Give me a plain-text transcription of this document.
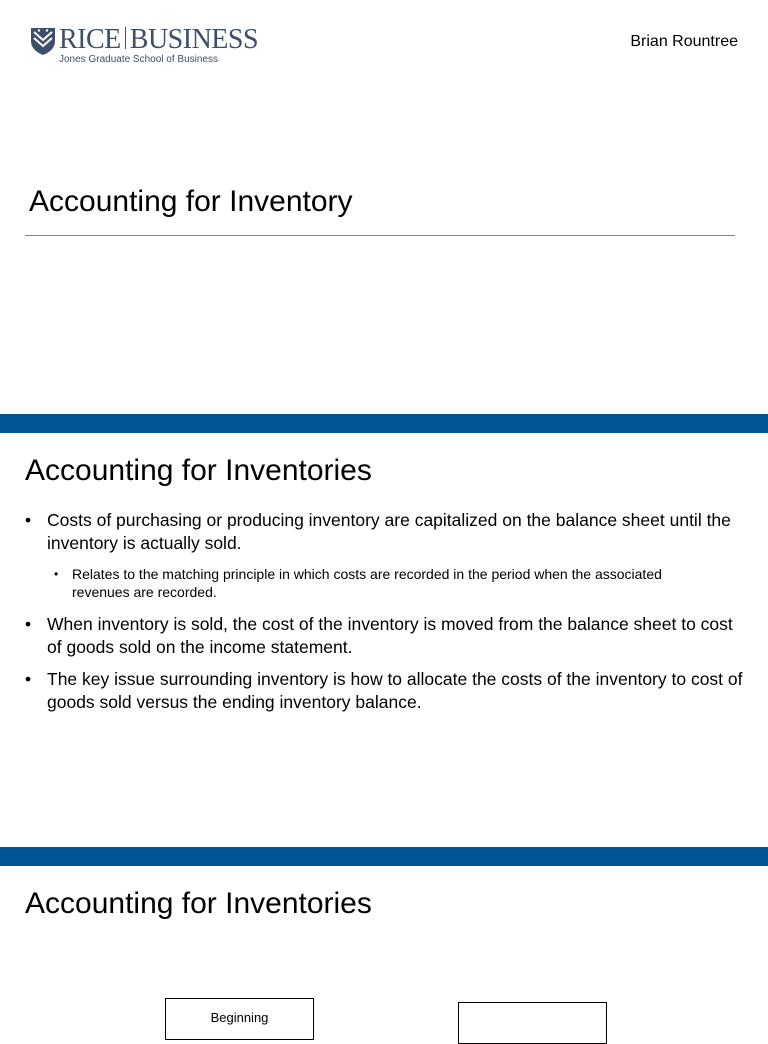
RICE BUSINESS
Jones Graduate School of Business
Brian Rountree
Accounting for Inventory
Accounting for Inventories
• Costs of purchasing or producing inventory are capitalized on the balance sheet until the inventory is actually sold.
• Relates to the matching principle in which costs are recorded in the period when the associated revenues are recorded.
• When inventory is sold, the cost of the inventory is moved from the balance sheet to cost of goods sold on the income statement.
• The key issue surrounding inventory is how to allocate the costs of the inventory to cost of goods sold versus the ending inventory balance.
Accounting for Inventories
Beginning
